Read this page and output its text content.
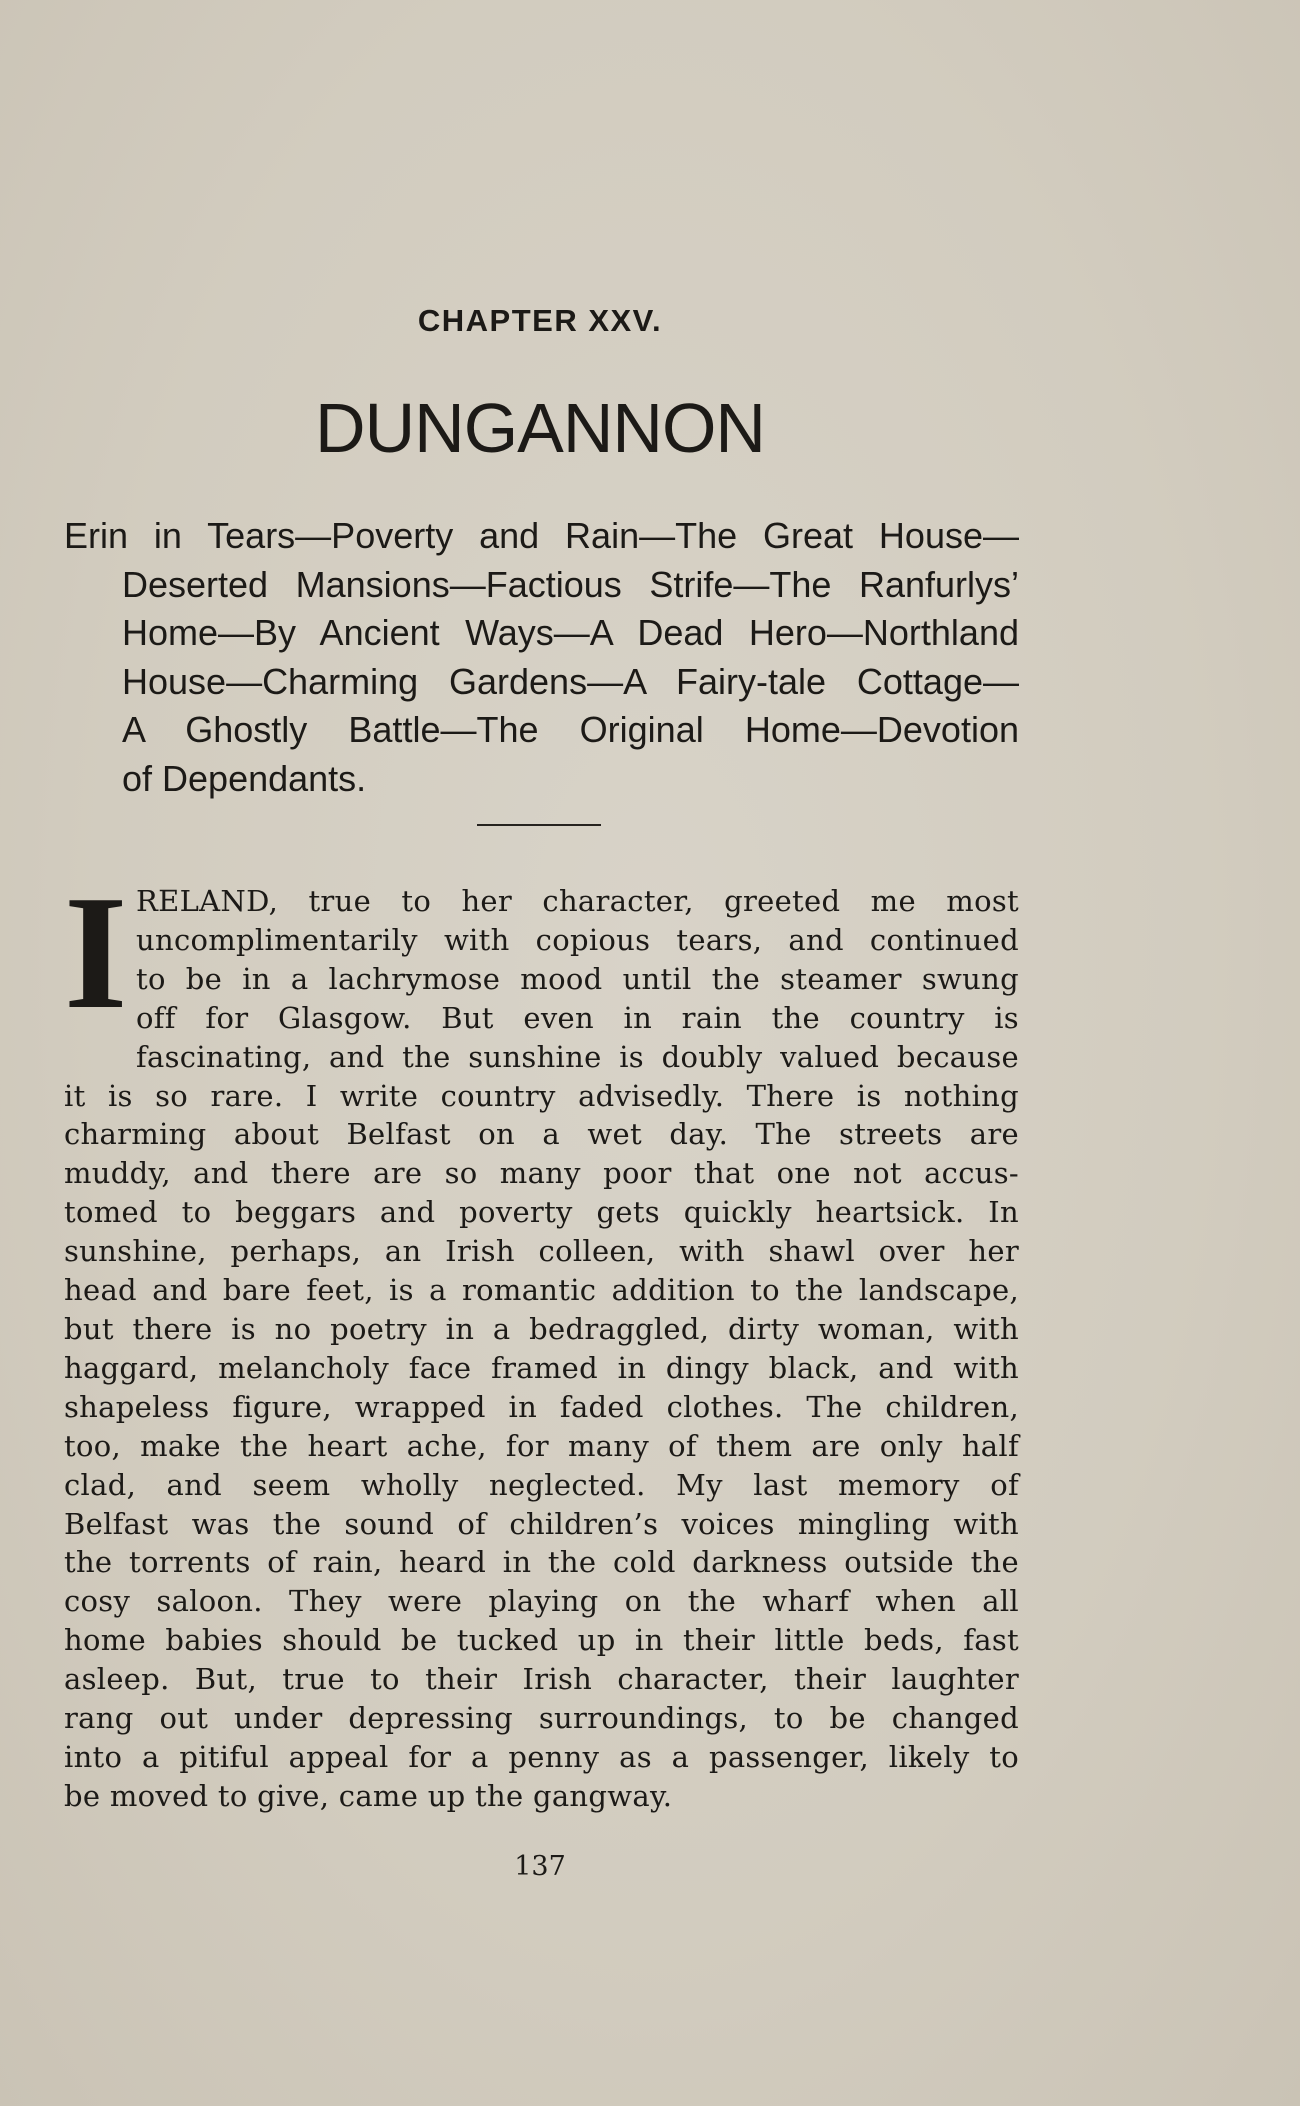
CHAPTER XXV.
DUNGANNON
Erin in Tears—Poverty and Rain—The Great House—
Deserted Mansions—Factious Strife—The Ranfurlys’
Home—By Ancient Ways—A Dead Hero—Northland
House—Charming Gardens—A Fairy-tale Cottage—
A Ghostly Battle—The Original Home—Devotion
of Dependants.
I RELAND, true to her character, greeted me most
uncomplimentarily with copious tears, and continued
to be in a lachrymose mood until the steamer swung
off for Glasgow. But even in rain the country is
fascinating, and the sunshine is doubly valued because
it is so rare. I write country advisedly. There is nothing
charming about Belfast on a wet day. The streets are
muddy, and there are so many poor that one not accus-
tomed to beggars and poverty gets quickly heartsick. In
sunshine, perhaps, an Irish colleen, with shawl over her
head and bare feet, is a romantic addition to the landscape,
but there is no poetry in a bedraggled, dirty woman, with
haggard, melancholy face framed in dingy black, and with
shapeless figure, wrapped in faded clothes. The children,
too, make the heart ache, for many of them are only half
clad, and seem wholly neglected. My last memory of
Belfast was the sound of children’s voices mingling with
the torrents of rain, heard in the cold darkness outside the
cosy saloon. They were playing on the wharf when all
home babies should be tucked up in their little beds, fast
asleep. But, true to their Irish character, their laughter
rang out under depressing surroundings, to be changed
into a pitiful appeal for a penny as a passenger, likely to
be moved to give, came up the gangway.
137
